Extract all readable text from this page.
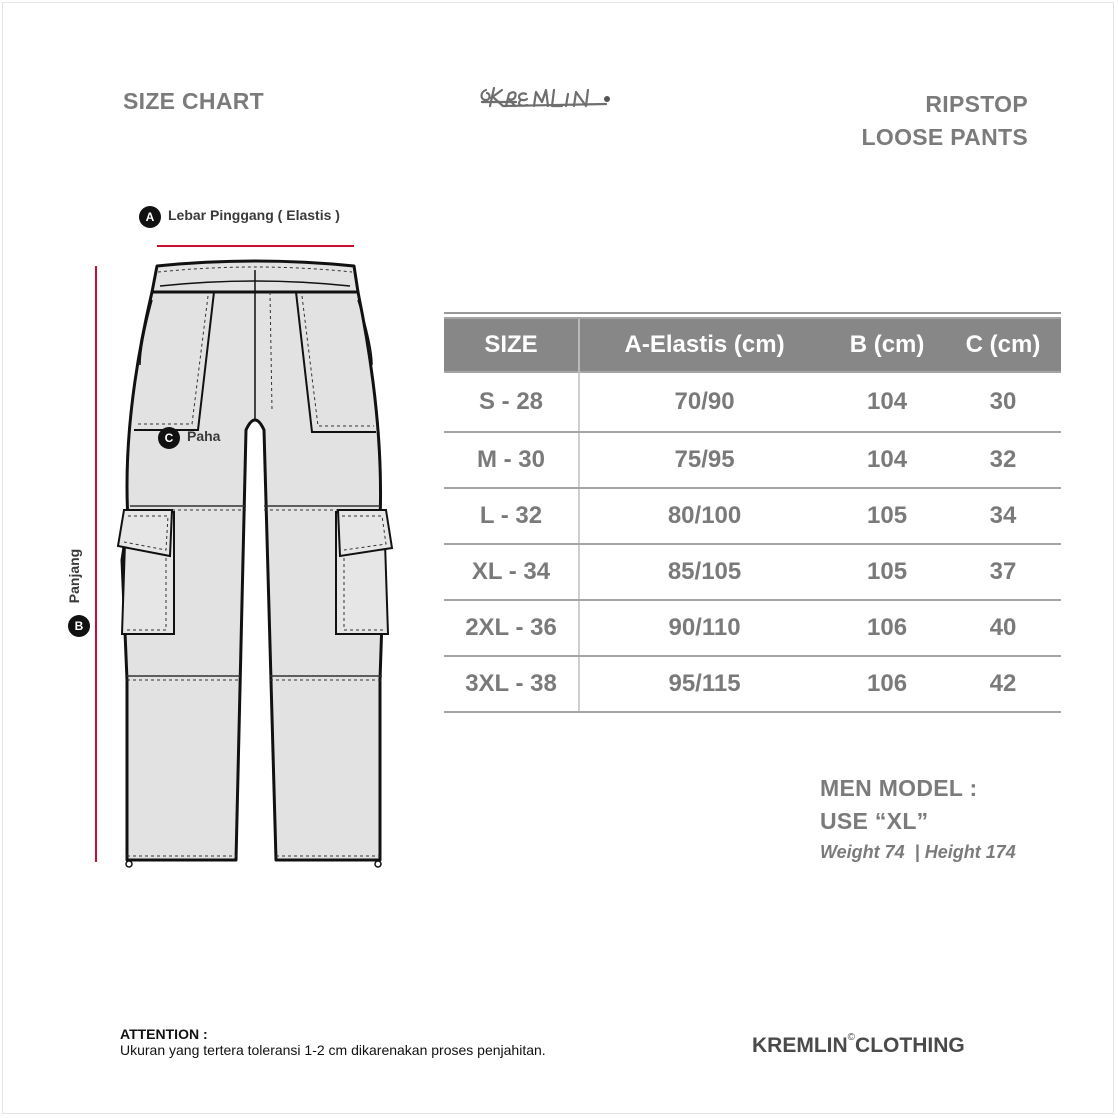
SIZE CHART	RIPSTOP
LOOSE PANTS
A Lebar Pinggang ( Elastis )
C Paha
B
Panjang

SIZE	A-Elastis (cm)	B (cm)	C (cm)
S - 28	70/90	104	30
M - 30	75/95	104	32
L - 32	80/100	105	34
XL - 34	85/105	105	37
2XL - 36	90/110	106	40
3XL - 38	95/115	106	42
MEN MODEL :
USE “XL”
Weight 74  | Height 174
ATTENTION :
Ukuran yang tertera toleransi 1-2 cm dikarenakan proses penjahitan.	KREMLIN©CLOTHING
